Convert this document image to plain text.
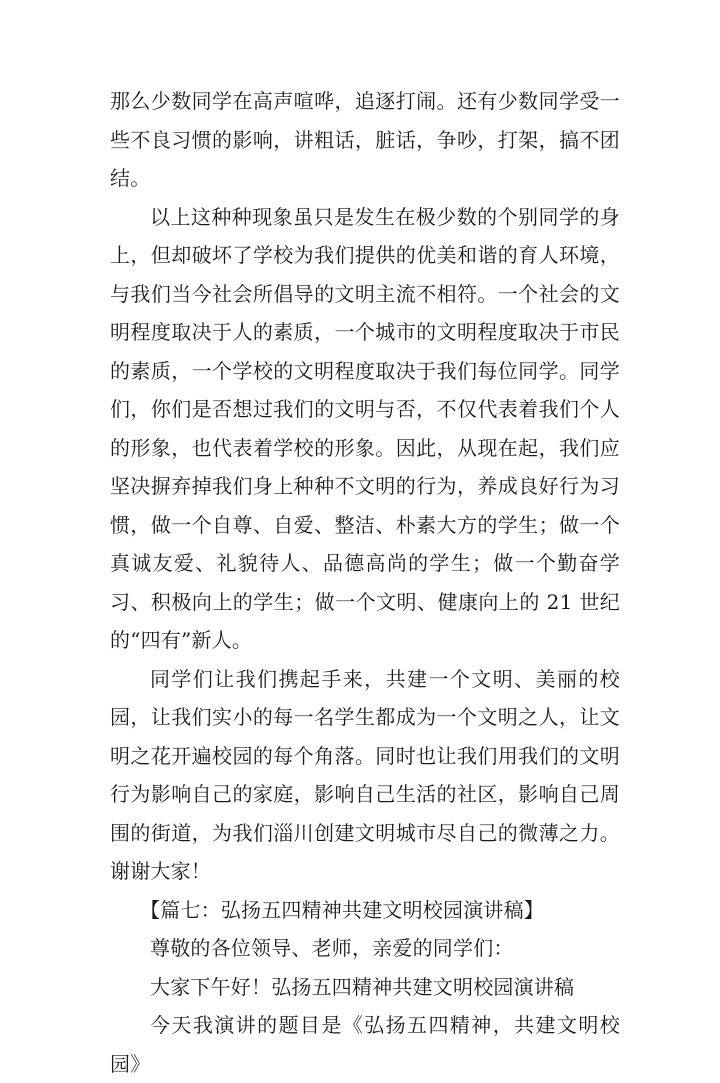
那么少数同学在高声喧哗，追逐打闹。还有少数同学受一些不良习惯的影响，讲粗话，脏话，争吵，打架，搞不团结。

以上这种种现象虽只是发生在极少数的个别同学的身上，但却破坏了学校为我们提供的优美和谐的育人环境，与我们当今社会所倡导的文明主流不相符。一个社会的文明程度取决于人的素质，一个城市的文明程度取决于市民的素质，一个学校的文明程度取决于我们每位同学。同学们，你们是否想过我们的文明与否，不仅代表着我们个人的形象，也代表着学校的形象。因此，从现在起，我们应坚决摒弃掉我们身上种种不文明的行为，养成良好行为习惯，做一个自尊、自爱、整洁、朴素大方的学生；做一个真诚友爱、礼貌待人、品德高尚的学生；做一个勤奋学习、积极向上的学生；做一个文明、健康向上的 21 世纪的“四有”新人。

同学们让我们携起手来，共建一个文明、美丽的校园，让我们实小的每一名学生都成为一个文明之人，让文明之花开遍校园的每个角落。同时也让我们用我们的文明行为影响自己的家庭，影响自己生活的社区，影响自己周围的街道，为我们淄川创建文明城市尽自己的微薄之力。谢谢大家！

【篇七：弘扬五四精神共建文明校园演讲稿】

尊敬的各位领导、老师，亲爱的同学们：

大家下午好！弘扬五四精神共建文明校园演讲稿

今天我演讲的题目是《弘扬五四精神，共建文明校园》
